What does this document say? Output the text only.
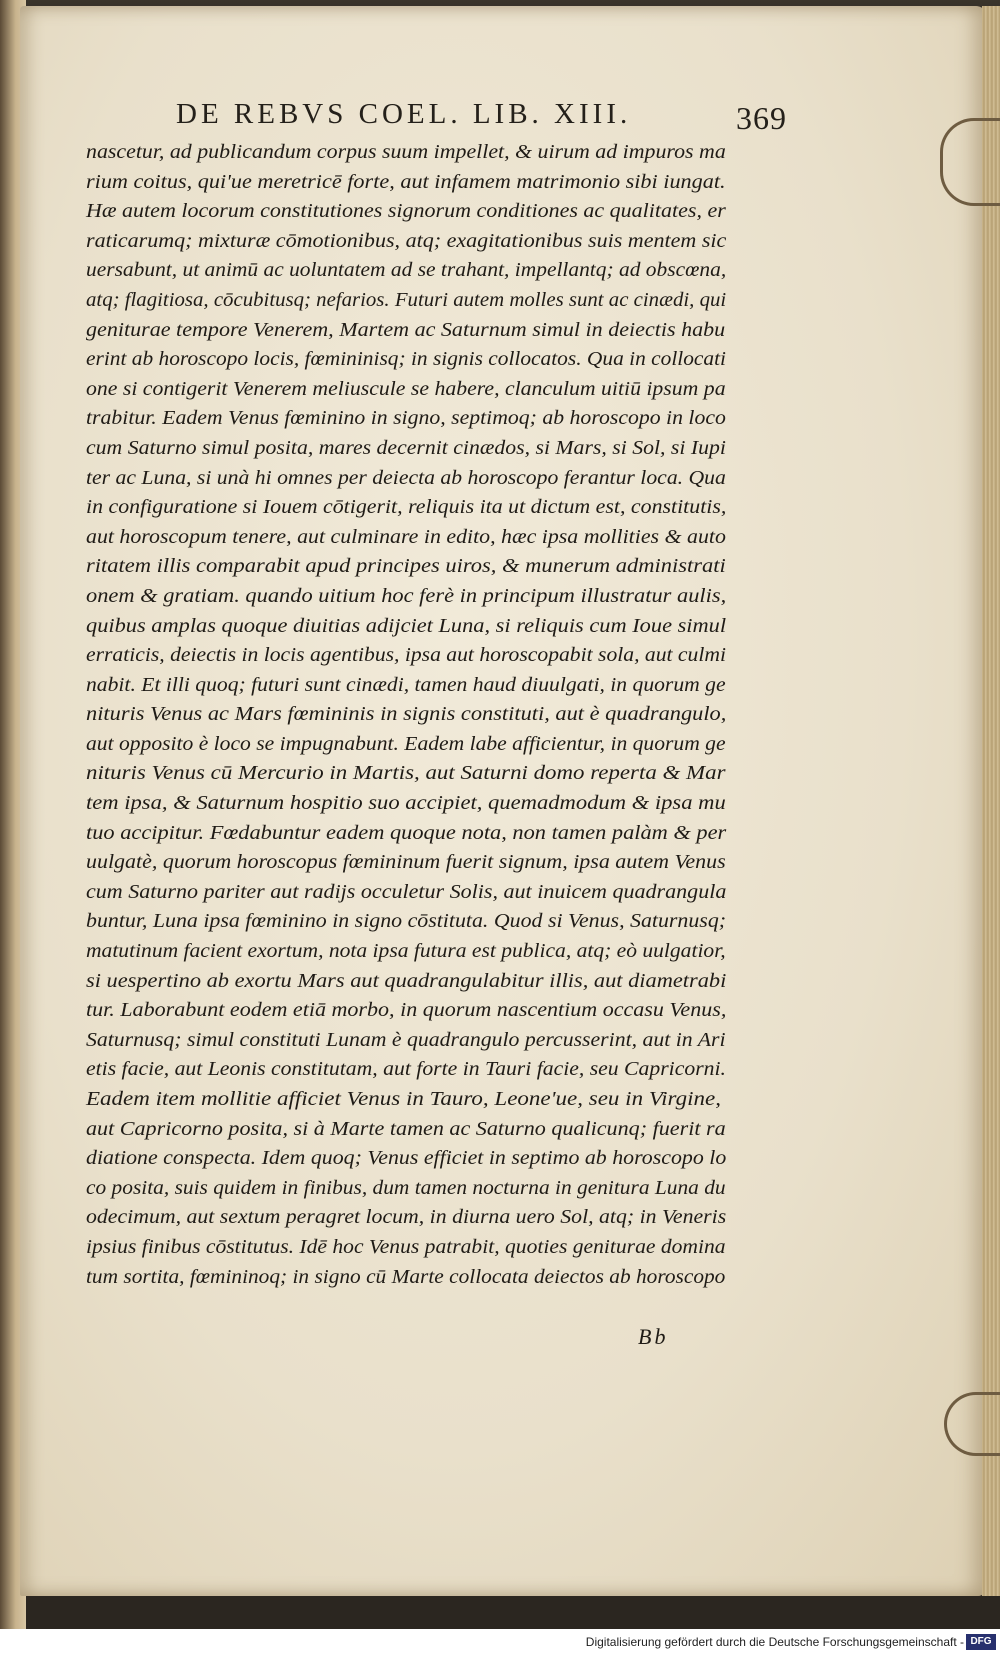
DE REBVS COEL. LIB. XIII.	369
nascetur, ad publicandum corpus suum impellet, & uirum ad impuros ma
rium coitus, qui'ue meretricē forte, aut infamem matrimonio sibi iungat.
Hæ autem locorum constitutiones signorum conditiones ac qualitates, er
raticarumq; mixturæ cōmotionibus, atq; exagitationibus suis mentem sic
uersabunt, ut animū ac uoluntatem ad se trahant, impellantq; ad obscœna,
atq; flagitiosa, cōcubitusq; nefarios. Futuri autem molles sunt ac cinædi, qui
geniturae tempore Venerem, Martem ac Saturnum simul in deiectis habu
erint ab horoscopo locis, fœmininisq; in signis collocatos. Qua in collocati
one si contigerit Venerem meliuscule se habere, clanculum uitiū ipsum pa
trabitur. Eadem Venus fœminino in signo, septimoq; ab horoscopo in loco
cum Saturno simul posita, mares decernit cinædos, si Mars, si Sol, si Iupi
ter ac Luna, si unà hi omnes per deiecta ab horoscopo ferantur loca. Qua
in configuratione si Iouem cōtigerit, reliquis ita ut dictum est, constitutis,
aut horoscopum tenere, aut culminare in edito, hæc ipsa mollities & auto
ritatem illis comparabit apud principes uiros, & munerum administrati
onem & gratiam. quando uitium hoc ferè in principum illustratur aulis,
quibus amplas quoque diuitias adijciet Luna, si reliquis cum Ioue simul
erraticis, deiectis in locis agentibus, ipsa aut horoscopabit sola, aut culmi
nabit. Et illi quoq; futuri sunt cinædi, tamen haud diuulgati, in quorum ge
nituris Venus ac Mars fœmininis in signis constituti, aut è quadrangulo,
aut opposito è loco se impugnabunt. Eadem labe afficientur, in quorum ge
nituris Venus cū Mercurio in Martis, aut Saturni domo reperta & Mar
tem ipsa, & Saturnum hospitio suo accipiet, quemadmodum & ipsa mu
tuo accipitur. Fœdabuntur eadem quoque nota, non tamen palàm & per
uulgatè, quorum horoscopus fœmininum fuerit signum, ipsa autem Venus
cum Saturno pariter aut radijs occuletur Solis, aut inuicem quadrangula
buntur, Luna ipsa fœminino in signo cōstituta. Quod si Venus, Saturnusq;
matutinum facient exortum, nota ipsa futura est publica, atq; eò uulgatior,
si uespertino ab exortu Mars aut quadrangulabitur illis, aut diametrabi
tur. Laborabunt eodem etiā morbo, in quorum nascentium occasu Venus,
Saturnusq; simul constituti Lunam è quadrangulo percusserint, aut in Ari
etis facie, aut Leonis constitutam, aut forte in Tauri facie, seu Capricorni.
Eadem item mollitie afficiet Venus in Tauro, Leone'ue, seu in Virgine,
aut Capricorno posita, si à Marte tamen ac Saturno qualicunq; fuerit ra
diatione conspecta. Idem quoq; Venus efficiet in septimo ab horoscopo lo
co posita, suis quidem in finibus, dum tamen nocturna in genitura Luna du
odecimum, aut sextum peragret locum, in diurna uero Sol, atq; in Veneris
ipsius finibus cōstitutus. Idē hoc Venus patrabit, quoties geniturae dominа
tum sortita, fœmininoq; in signo cū Marte collocata deiectos ab horoscopo
Bb
Digitalisierung gefördert durch die Deutsche Forschungsgemeinschaft - DFG
